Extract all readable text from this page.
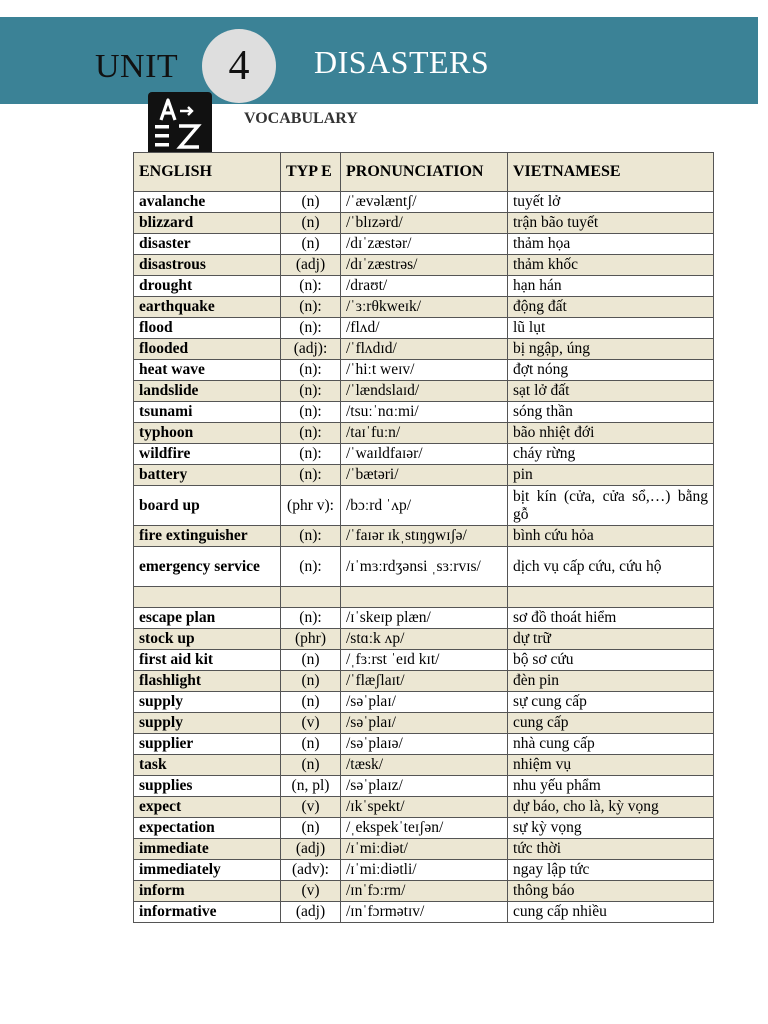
UNIT	4	DISASTERS
VOCABULARY
ENGLISH	TYP E	PRONUNCIATION	VIETNAMESE
avalanche	(n)	/ˈævəlæntʃ/	tuyết lở
blizzard	(n)	/ˈblɪzərd/	trận bão tuyết
disaster	(n)	/dɪˈzæstər/	thảm họa
disastrous	(adj)	/dɪˈzæstrəs/	thảm khốc
drought	(n):	/draʊt/	hạn hán
earthquake	(n):	/ˈɜːrθkweɪk/	động đất
flood	(n):	/flʌd/	lũ lụt
flooded	(adj):	/ˈflʌdɪd/	bị ngập, úng
heat wave	(n):	/ˈhiːt weɪv/	đợt nóng
landslide	(n):	/ˈlændslaɪd/	sạt lở đất
tsunami	(n):	/tsuːˈnɑːmi/	sóng thần
typhoon	(n):	/taɪˈfuːn/	bão nhiệt đới
wildfire	(n):	/ˈwaɪldfaɪər/	cháy rừng
battery	(n):	/ˈbætəri/	pin
board up	(phr v):	/bɔːrd ˈʌp/	bịt kín (cửa, cửa sổ,…) bằng gỗ
fire extinguisher	(n):	/ˈfaɪər ɪkˌstɪŋɡwɪʃə/	bình cứu hỏa
emergency service	(n):	/ɪˈmɜːrdʒənsi ˌsɜːrvɪs/	dịch vụ cấp cứu, cứu hộ

escape plan	(n):	/ɪˈskeɪp plæn/	sơ đồ thoát hiểm
stock up	(phr)	/stɑːk ʌp/	dự trữ
first aid kit	(n)	/ˌfɜːrst ˈeɪd kɪt/	bộ sơ cứu
flashlight	(n)	/ˈflæʃlaɪt/	đèn pin
supply	(n)	/səˈplaɪ/	sự cung cấp
supply	(v)	/səˈplaɪ/	cung cấp
supplier	(n)	/səˈplaɪə/	nhà cung cấp
task	(n)	/tæsk/	nhiệm vụ
supplies	(n, pl)	/səˈplaɪz/	nhu yếu phẩm
expect	(v)	/ɪkˈspekt/	dự báo, cho là, kỳ vọng
expectation	(n)	/ˌekspekˈteɪʃən/	sự kỳ vọng
immediate	(adj)	/ɪˈmiːdiət/	tức thời
immediately	(adv):	/ɪˈmiːdiətli/	ngay lập tức
inform	(v)	/ɪnˈfɔːrm/	thông báo
informative	(adj)	/ɪnˈfɔrmətɪv/	cung cấp nhiều
